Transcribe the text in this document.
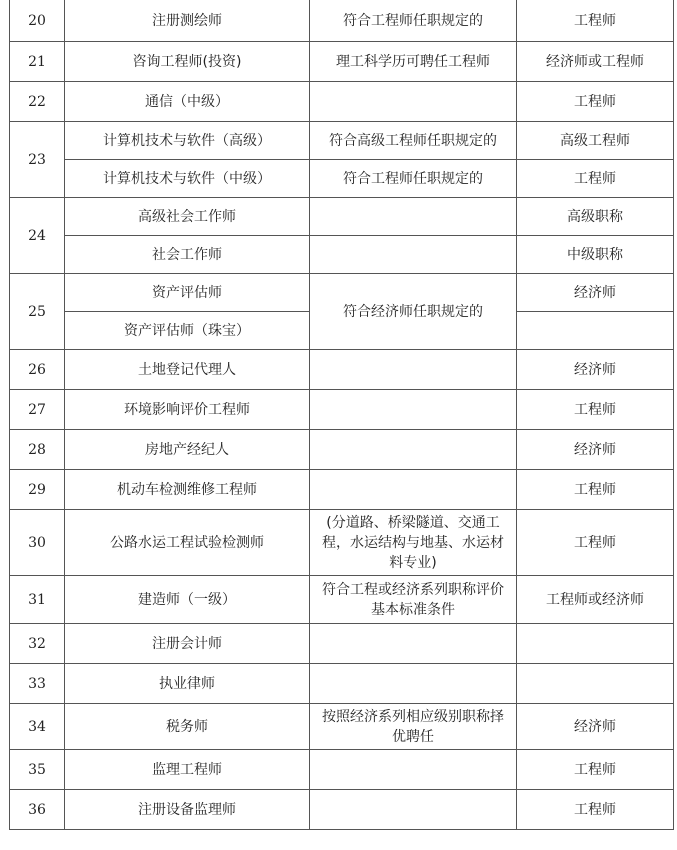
20	注册测绘师	符合工程师任职规定的	工程师
21	咨询工程师(投资)	理工科学历可聘任工程师	经济师或工程师
22	通信（中级）		工程师
23	计算机技术与软件（高级）	符合高级工程师任职规定的	高级工程师
	计算机技术与软件（中级）	符合工程师任职规定的	工程师
24	高级社会工作师		高级职称
	社会工作师		中级职称
25	资产评估师	符合经济师任职规定的	经济师
	资产评估师（珠宝）		
26	土地登记代理人		经济师
27	环境影响评价工程师		工程师
28	房地产经纪人		经济师
29	机动车检测维修工程师		工程师
30	公路水运工程试验检测师	(分道路、桥梁隧道、交通工
程，水运结构与地基、水运材
料专业)	工程师
31	建造师（一级）	符合工程或经济系列职称评价
基本标准条件	工程师或经济师
32	注册会计师		
33	执业律师		
34	税务师	按照经济系列相应级别职称择
优聘任	经济师
35	监理工程师		工程师
36	注册设备监理师		工程师
